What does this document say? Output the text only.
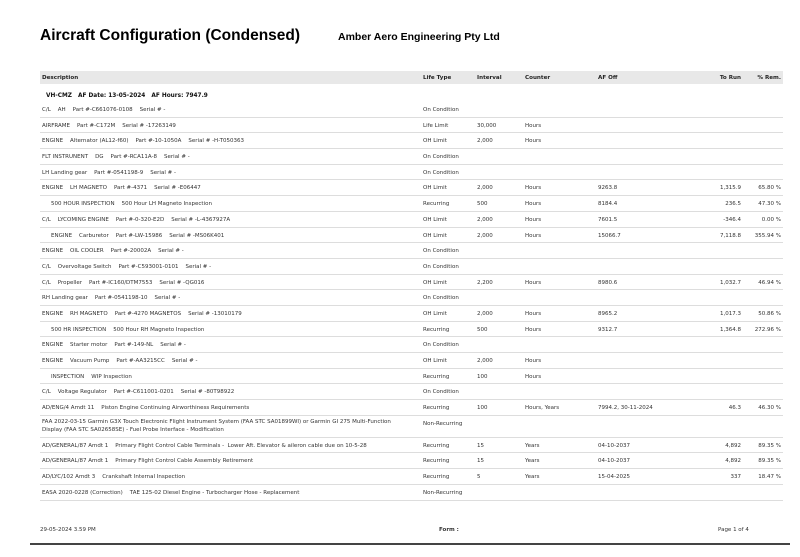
Aircraft Configuration (Condensed)	Amber Aero Engineering Pty Ltd
Description	Life Type	Interval	Counter	AF Off	To Run	% Rem.
VH-CMZ   AF Date: 13-05-2024   AF Hours: 7947.9
C/L    AH    Part #-C661076-0108    Serial # -	On Condition
AIRFRAME    Part #-C172M    Serial # -17263149	Life Limit	30,000	Hours
ENGINE    Alternator (AL12-f60)    Part #-10-1050A    Serial # -H-T050363	OH Limit	2,000	Hours
FLT INSTRUNENT    DG    Part #-RCA11A-8    Serial # -	On Condition
LH Landing gear    Part #-0541198-9    Serial # -	On Condition
ENGINE    LH MAGNETO    Part #-4371    Serial # -E06447	OH Limit	2,000	Hours	9263.8	1,315.9	65.80 %
500 HOUR INSPECTION    500 Hour LH Magneto Inspection	Recurring	500	Hours	8184.4	236.5	47.30 %
C/L    LYCOMING ENGINE    Part #-0-320-E2D    Serial # -L-4367927A	OH Limit	2,000	Hours	7601.5	-346.4	0.00 %
ENGINE    Carburetor    Part #-LW-15986    Serial # -MS06K401	OH Limit	2,000	Hours	15066.7	7,118.8	355.94 %
ENGINE    OIL COOLER    Part #-20002A    Serial # -	On Condition
C/L    Overvoltage Switch    Part #-C593001-0101    Serial # -	On Condition
C/L    Propeller    Part #-IC160/DTM7553    Serial # -QG016	OH Limit	2,200	Hours	8980.6	1,032.7	46.94 %
RH Landing gear    Part #-0541198-10    Serial # -	On Condition
ENGINE    RH MAGNETO    Part #-4270 MAGNETOS    Serial # -13010179	OH Limit	2,000	Hours	8965.2	1,017.3	50.86 %
500 HR INSPECTION    500 Hour RH Magneto Inspection	Recurring	500	Hours	9312.7	1,364.8	272.96 %
ENGINE    Starter motor    Part #-149-NL    Serial # -	On Condition
ENGINE    Vacuum Pump    Part #-AA3215CC    Serial # -	OH Limit	2,000	Hours
INSPECTION    WIP Inspection	Recurring	100	Hours
C/L    Voltage Regulator    Part #-C611001-0201    Serial # -80T98922	On Condition
AD/ENG/4 Amdt 11    Piston Engine Continuing Airworthiness Requirements	Recurring	100	Hours, Years	7994.2, 30-11-2024	46.3	46.30 %
FAA 2022-03-15 Garmin G3X Touch Electronic Flight Instrument System (FAA STC SA01899WI) or Garmin GI 275 Multi-Function Display (FAA STC SA02658SE) - Fuel Probe Interface - Modification
Non-Recurring
AD/GENERAL/87 Amdt 1    Primary Flight Control Cable Terminals -  Lower Aft. Elevator & aileron cable due on 10-5-28	Recurring	15	Years	04-10-2037	4,892	89.35 %
AD/GENERAL/87 Amdt 1    Primary Flight Control Cable Assembly Retirement	Recurring	15	Years	04-10-2037	4,892	89.35 %
AD/LYC/102 Amdt 3    Crankshaft Internal Inspection	Recurring	5	Years	15-04-2025	337	18.47 %
EASA 2020-0228 (Correction)    TAE 125-02 Diesel Engine - Turbocharger Hose - Replacement	Non-Recurring
29-05-2024 3.59 PM	Form :	Page 1 of 4
